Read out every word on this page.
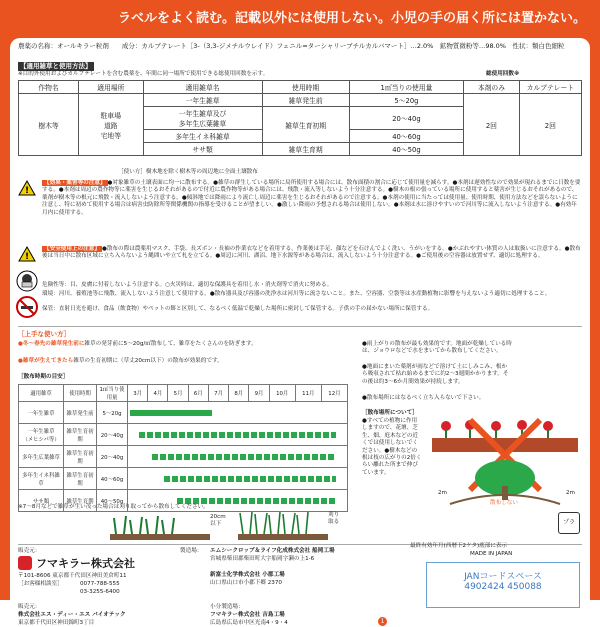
ラベルをよく読む。記載以外には使用しない。小児の手の届く所には置かない。
農薬の名称：オールキラー粒剤　　成分：カルブテレート［3-（3,3-ジメチルウレイド）フェニル=ターシャリーブチルカルバマート］…2.0%　鉱物質微粉等…98.0%　性状：類白色細粒
【適用雑草と使用方法】
※目的外使用およびカルブテレートを含む農薬を、年間に同一場所で使用できる総使用回数を示す。	総使用回数※
作物名	適用場所	適用雑草名	使用時期	1㎡当りの使用量	本剤のみ	カルブテレート
樹木等	駐車場
道路
宅地等	一年生雑草	雑草発生前	5〜20g	2回	2回
		一年生雑草及び
多年生広葉雑草	雑草生育初期	20〜40g		
		多年生イネ科雑草		40〜60g		
		ササ類	雑草生育期	40〜50g		
［使い方］樹木地を除く樹木等の周辺地に全面土壌散布
!
【効果・薬害等の注意】 ●対象雑草の土壌表面に均一に散布する。●雑草の群生している場所に局所使用する場合には、散布面積の割合に応じて使用量を減らす。●本剤は遅効性なので効果が現れるまでに日数を要する。●本剤は周辺の農作物等に薬害を生じるおそれがあるので付近に農作物等がある場合には、飛散・流入等しないよう十分注意する。●樹木の根の張っている場所に使用すると薬害が生じるおそれがあるので、薬剤が樹木等の根元に飛散・流入しないよう注意する。●傾斜地では降雨により流亡し周辺に薬害を生じるおそれがあるので注意する。●本剤の使用に当たっては使用量、使用時期、使用方法などを誤らないように注意し、特に初めて使用する場合は病害虫防除所等関係機関の指導を受けることが望ましい。●激しい降雨の予想される場合は使用しない。●本剤は水に溶けやすいので河川等に流入しないよう注意する。●有効年月内に使用する。
!
【安全使用上の注意】 ●散布の際は農薬用マスク、手袋、長ズボン・長袖の作業衣などを着用する。作業後は手足、顔などを石けんでよく洗い、うがいをする。●かぶれやすい体質の人は取扱いに注意する。●散布後は当日中に散布区域に立ち入らないよう縄囲いや立て札を立てる。●周辺に河川、湖沼、地下水源等がある場合は、流入しないよう十分注意する。●ご使用後の空容器は放置せず、適切に処理する。
危険性等：目、皮膚に付着しないよう注意する。○火災時は、適切な保護具を着用し水・消火剤等で消火に努める。
環境：河川、養殖池等に飛散、流入しないよう注意して使用する。●散布器具及び容器の洗浄水は河川等に流さないこと。また、空容器、空袋等は水産動植物に影響を与えないよう適切に処理すること。
保管：直射日光を避け、食品（飲食物）やペットの餌と区別して、なるべく低温で乾燥した場所に密封して保管する。子供の手の届かない場所に保管する。
［上手な使い方］
●冬〜春先の雑草発生前に雑草の発芽前に5〜20g/㎡散布して、雑草をたくさんのを防ぎます。
●雑草が生えてきたら雑草の生育初期に（草丈20cm以下）の散布が効果的です。
［散布時期の目安］
適用雑草	使用時期	1㎡当り使用量	3月	4月	5月	6月	7月	8月	9月	10月	11月	12月
一年生雑草	雑草発生前	5〜20g										

一年生雑草
（メヒシバ等）	雑草生育初期	20〜40g										

多年生広葉雑草	雑草生育初期	20〜40g										

多年生イネ科雑草	雑草生育初期	40〜60g										

ササ類	雑草生育期	40〜50g										
※7〜8月などで雑草が生い茂った場合は刈り取ってから散布してください。
20cm
以下
刈り取る
●雨上がりの散布が最も効果的です。地面が乾燥している時は、ジョウロなどで水をまいてから散布してください。
●地面にまいた薬剤が雨などで溶けて土にしみこみ、根から吸収されて枯れ始めるまでに約2〜3週間かかります。その後は約3〜6か月間効果が持続します。
●散布場所にはなるべく立ち入らないで下さい。
［散布場所について］
●すべての植物に作用しますので、花壇、芝生、畑、庭木などの近くでは使用しないでください。●樹木などの根は枝の広がりの2倍くらい離れた所まで伸びています。
2m	2m
散布しない
プラ
販売元：
フマキラー株式会社
〒101-8606 東京都千代田区神田美倉町11
［お客様相談室］	0077-788-555
03-3255-6400
販売元：
株式会社エス・ディー・エス バイオテック
東京都千代田区神田錦町3丁目
製造場： エムシークロップ＆ライフ化成株式会社 船岡工場
宮城県柴田郡柴田町大字船岡字瀬の上1-6
新富士化学株式会社 小郡工場
山口県山口市小郡下郷 2370
小分製造場：
フマキラー株式会社 吉島工場
広島県広島市中区光南4・9・4
最終有効年月(西暦下2ケタ)底部に表示
MADE IN JAPAN
JANコードスペース
4902424 450088
1
